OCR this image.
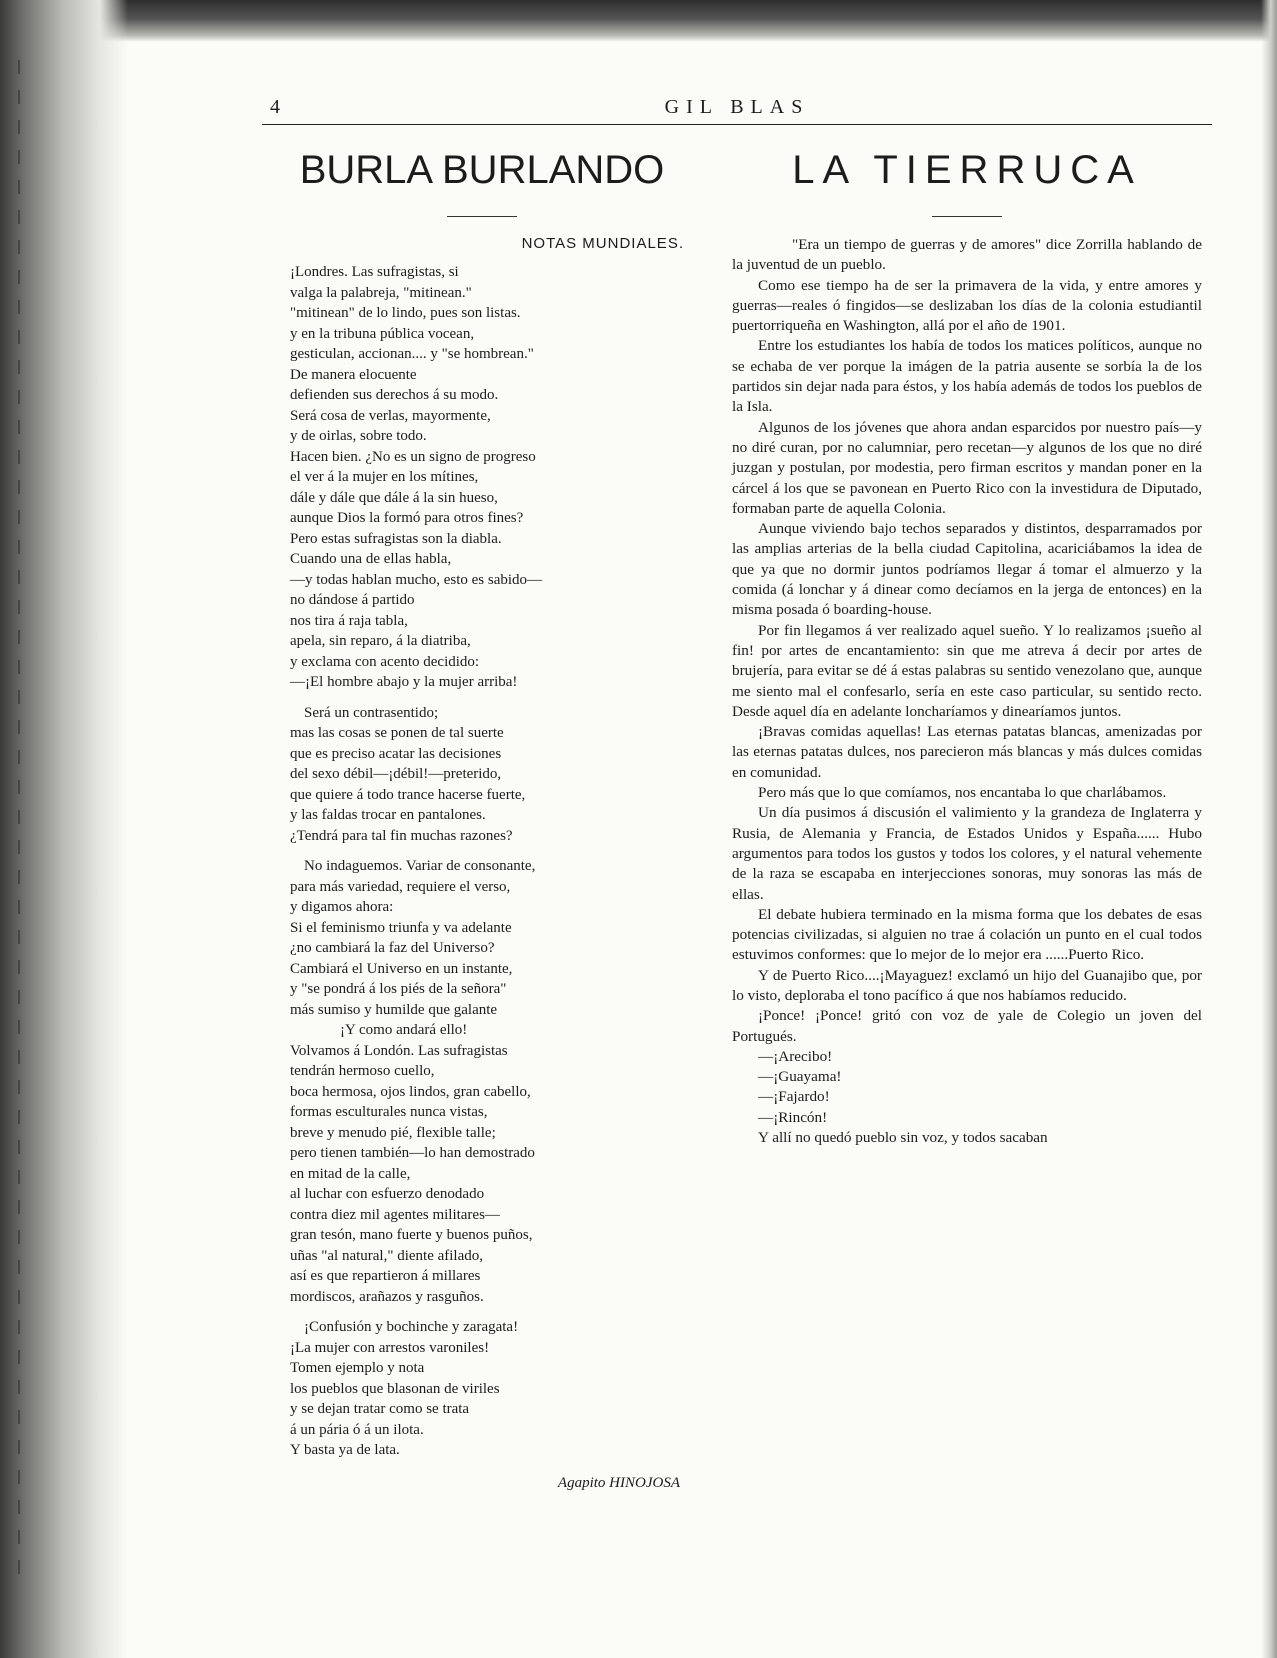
4	GIL BLAS
BURLA BURLANDO
NOTAS MUNDIALES.
¡Londres. Las sufragistas, si
valga la palabreja, "mitinean."
"mitinean" de lo lindo, pues son listas.
y en la tribuna pública vocean,
gesticulan, accionan.... y "se hombrean."
De manera elocuente
defienden sus derechos á su modo.
Será cosa de verlas, mayormente,
y de oirlas, sobre todo.
Hacen bien. ¿No es un signo de progreso
el ver á la mujer en los mítines,
dále y dále que dále á la sin hueso,
aunque Dios la formó para otros fines?
Pero estas sufragistas son la diabla.
Cuando una de ellas habla,
—y todas hablan mucho, esto es sabido—
no dándose á partido
nos tira á raja tabla,
apela, sin reparo, á la diatriba,
y exclama con acento decidido:
—¡El hombre abajo y la mujer arriba!
Será un contrasentido;
mas las cosas se ponen de tal suerte
que es preciso acatar las decisiones
del sexo débil—¡débil!—preterido,
que quiere á todo trance hacerse fuerte,
y las faldas trocar en pantalones.
¿Tendrá para tal fin muchas razones?
No indaguemos. Variar de consonante,
para más variedad, requiere el verso,
y digamos ahora:
Si el feminismo triunfa y va adelante
¿no cambiará la faz del Universo?
Cambiará el Universo en un instante,
y "se pondrá á los piés de la señora"
más sumiso y humilde que galante
¡Y como andará ello!
Volvamos á Londón. Las sufragistas
tendrán hermoso cuello,
boca hermosa, ojos lindos, gran cabello,
formas esculturales nunca vistas,
breve y menudo pié, flexible talle;
pero tienen también—lo han demostrado
en mitad de la calle,
al luchar con esfuerzo denodado
contra diez mil agentes militares—
gran tesón, mano fuerte y buenos puños,
uñas "al natural," diente afilado,
así es que repartieron á millares
mordiscos, arañazos y rasguños.
¡Confusión y bochinche y zaragata!
¡La mujer con arrestos varoniles!
Tomen ejemplo y nota
los pueblos que blasonan de viriles
y se dejan tratar como se trata
á un pária ó á un ilota.
Y basta ya de lata.
Agapito HINOJOSA
LA TIERRUCA

"Era un tiempo de guerras y de amores" dice Zorrilla hablando de la juventud de un pueblo.

Como ese tiempo ha de ser la primavera de la vida, y entre amores y guerras—reales ó fingidos—se deslizaban los días de la colonia estudiantil puertorriqueña en Washington, allá por el año de 1901.

Entre los estudiantes los había de todos los matices políticos, aunque no se echaba de ver porque la imágen de la patria ausente se sorbía la de los partidos sin dejar nada para éstos, y los había además de todos los pueblos de la Isla.

Algunos de los jóvenes que ahora andan esparcidos por nuestro país—y no diré curan, por no calumniar, pero recetan—y algunos de los que no diré juzgan y postulan, por modestia, pero firman escritos y mandan poner en la cárcel á los que se pavonean en Puerto Rico con la investidura de Diputado, formaban parte de aquella Colonia.

Aunque viviendo bajo techos separados y distintos, desparramados por las amplias arterias de la bella ciudad Capitolina, acariciábamos la idea de que ya que no dormir juntos podríamos llegar á tomar el almuerzo y la comida (á lonchar y á dinear como decíamos en la jerga de entonces) en la misma posada ó boarding-house.

Por fin llegamos á ver realizado aquel sueño. Y lo realizamos ¡sueño al fin! por artes de encantamiento: sin que me atreva á decir por artes de brujería, para evitar se dé á estas palabras su sentido venezolano que, aunque me siento mal el confesarlo, sería en este caso particular, su sentido recto. Desde aquel día en adelante loncharíamos y dinearíamos juntos.

¡Bravas comidas aquellas! Las eternas patatas blancas, amenizadas por las eternas patatas dulces, nos parecieron más blancas y más dulces comidas en comunidad.

Pero más que lo que comíamos, nos encantaba lo que charlábamos.

Un día pusimos á discusión el valimiento y la grandeza de Inglaterra y Rusia, de Alemania y Francia, de Estados Unidos y España...... Hubo argumentos para todos los gustos y todos los colores, y el natural vehemente de la raza se escapaba en interjecciones sonoras, muy sonoras las más de ellas.

El debate hubiera terminado en la misma forma que los debates de esas potencias civilizadas, si alguien no trae á colación un punto en el cual todos estuvimos conformes: que lo mejor de lo mejor era ......Puerto Rico.

Y de Puerto Rico....¡Mayaguez! exclamó un hijo del Guanajibo que, por lo visto, deploraba el tono pacífico á que nos habíamos reducido.

¡Ponce! ¡Ponce! gritó con voz de yale de Colegio un joven del Portugués.

—¡Arecibo!

—¡Guayama!

—¡Fajardo!

—¡Rincón!

Y allí no quedó pueblo sin voz, y todos sacaban
